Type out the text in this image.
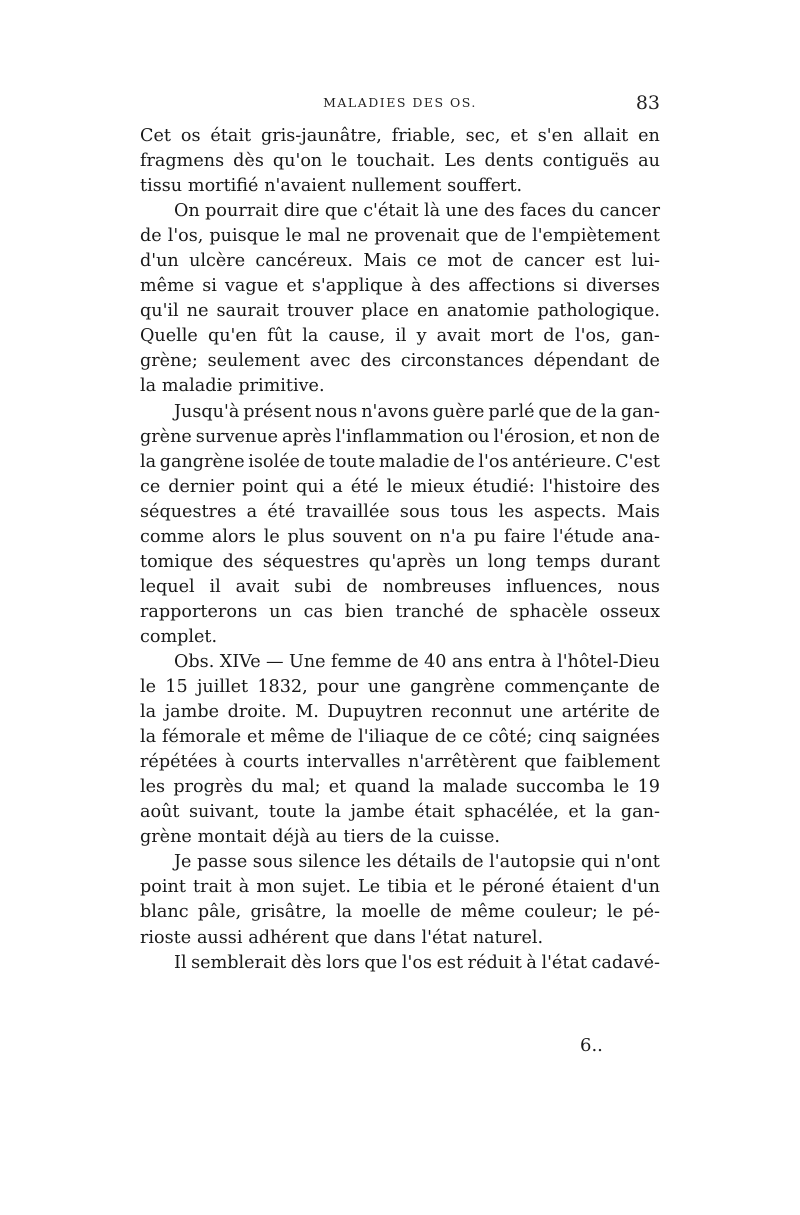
MALADIES DES OS.	83
Cet os était gris-jaunâtre, friable, sec, et s'en allait en
fragmens dès qu'on le touchait. Les dents contiguës au
tissu mortifié n'avaient nullement souffert.
On pourrait dire que c'était là une des faces du cancer
de l'os, puisque le mal ne provenait que de l'empiètement
d'un ulcère cancéreux. Mais ce mot de cancer est lui-
même si vague et s'applique à des affections si diverses
qu'il ne saurait trouver place en anatomie pathologique.
Quelle qu'en fût la cause, il y avait mort de l'os, gan-
grène; seulement avec des circonstances dépendant de
la maladie primitive.
Jusqu'à présent nous n'avons guère parlé que de la gan-
grène survenue après l'inflammation ou l'érosion, et non de
la gangrène isolée de toute maladie de l'os antérieure. C'est
ce dernier point qui a été le mieux étudié: l'histoire des
séquestres a été travaillée sous tous les aspects. Mais
comme alors le plus souvent on n'a pu faire l'étude ana-
tomique des séquestres qu'après un long temps durant
lequel il avait subi de nombreuses influences, nous
rapporterons un cas bien tranché de sphacèle osseux
complet.
Obs. XIVe — Une femme de 40 ans entra à l'hôtel-Dieu
le 15 juillet 1832, pour une gangrène commençante de
la jambe droite. M. Dupuytren reconnut une artérite de
la fémorale et même de l'iliaque de ce côté; cinq saignées
répétées à courts intervalles n'arrêtèrent que faiblement
les progrès du mal; et quand la malade succomba le 19
août suivant, toute la jambe était sphacélée, et la gan-
grène montait déjà au tiers de la cuisse.
Je passe sous silence les détails de l'autopsie qui n'ont
point trait à mon sujet. Le tibia et le péroné étaient d'un
blanc pâle, grisâtre, la moelle de même couleur; le pé-
rioste aussi adhérent que dans l'état naturel.
Il semblerait dès lors que l'os est réduit à l'état cadavé-
6..
